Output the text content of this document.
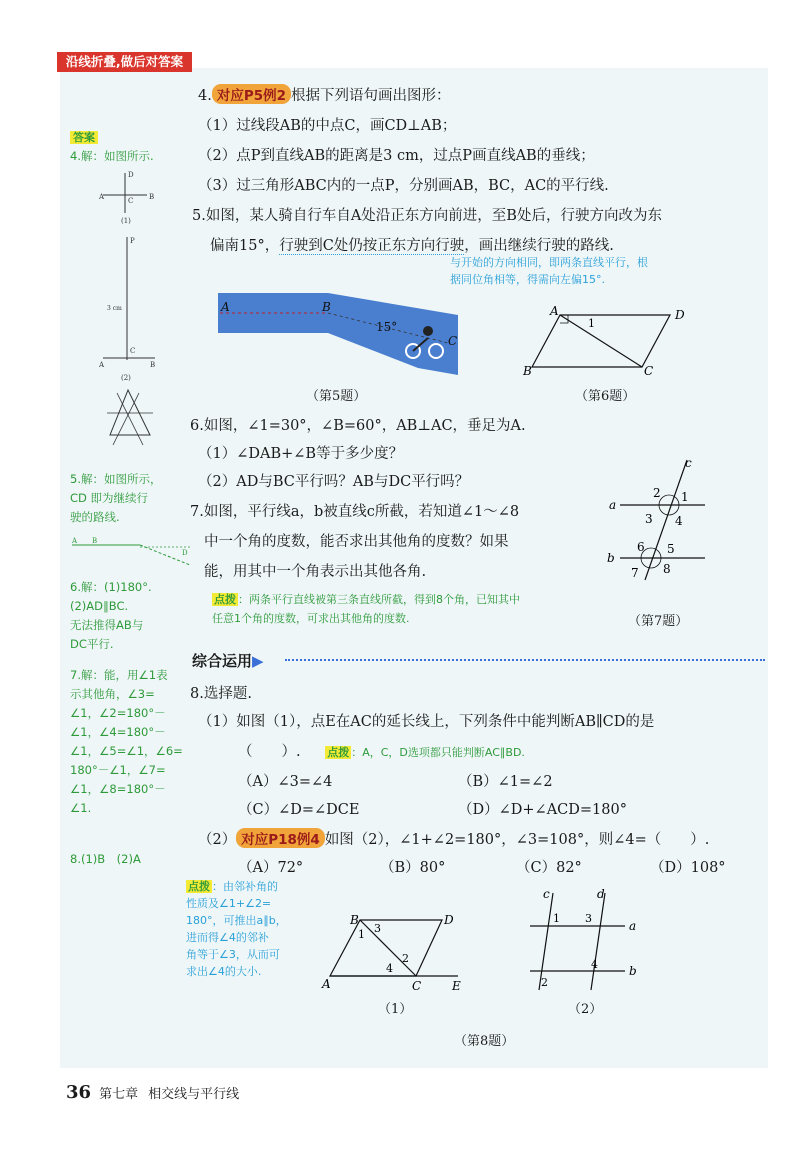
沿线折叠,做后对答案
答案
4.解：如图所示.
A	B
D
C
(1)
P
3 cm
A	B
C
(2)
5.解：如图所示，
CD 即为继续行
驶的路线.
A B
D
6.解：(1)180°.
(2)AD∥BC.
无法推得AB与
DC平行.
7.解：能，用∠1表
示其他角，∠3=
∠1，∠2=180°－
∠1，∠4=180°－
∠1，∠5=∠1，∠6=
180°－∠1，∠7=
∠1，∠8=180°－
∠1.
8.(1)B　(2)A
点拨 ：由邻补角的
性质及∠1+∠2=
180°，可推出a∥b，
进而得∠4的邻补
角等于∠3，从而可
求出∠4的大小.
4. 对应P5例2 根据下列语句画出图形：
（1）过线段AB的中点C，画CD⊥AB；
（2）点P到直线AB的距离是3 cm，过点P画直线AB的垂线；
（3）过三角形ABC内的一点P，分别画AB，BC，AC的平行线.
5.如图，某人骑自行车自A处沿正东方向前进，至B处后，行驶方向改为东
偏南15°，行驶到C处仍按正东方向行驶，画出继续行驶的路线.
与开始的方向相同，即两条直线平行，根
据同位角相等，得需向左偏15°.
A	B
15°
C
（第5题）
A	D
B	C
1
（第6题）
6.如图，∠1=30°，∠B=60°，AB⊥AC，垂足为A.
（1）∠DAB+∠B等于多少度？
（2）AD与BC平行吗？AB与DC平行吗？
7.如图，平行线a，b被直线c所截，若知道∠1～∠8
中一个角的度数，能否求出其他角的度数？如果
能，用其中一个角表示出其他各角.
点拨 ：两条平行直线被第三条直线所截，得到8个角，已知其中
任意1个角的度数，可求出其他角的度数.
a
b
c
2 1
3 4
6 5
7 8
（第7题）
综合运用▶
8.选择题.
（1）如图（1），点E在AC的延长线上，下列条件中能判断AB∥CD的是
（　　）. 点拨 ：A，C，D选项都只能判断AC∥BD.
（A）∠3=∠4	（B）∠1=∠2
（C）∠D=∠DCE	（D）∠D+∠ACD=180°
（2） 对应P18例4 如图（2），∠1+∠2=180°，∠3=108°，则∠4=（　　）.
（A）72°	（B）80°	（C）82°	（D）108°
B	D
A	C	E
1 3
2
4
（1）
c	d
a
b
1 3
2
4
（2）
（第8题）
36 第七章 相交线与平行线
